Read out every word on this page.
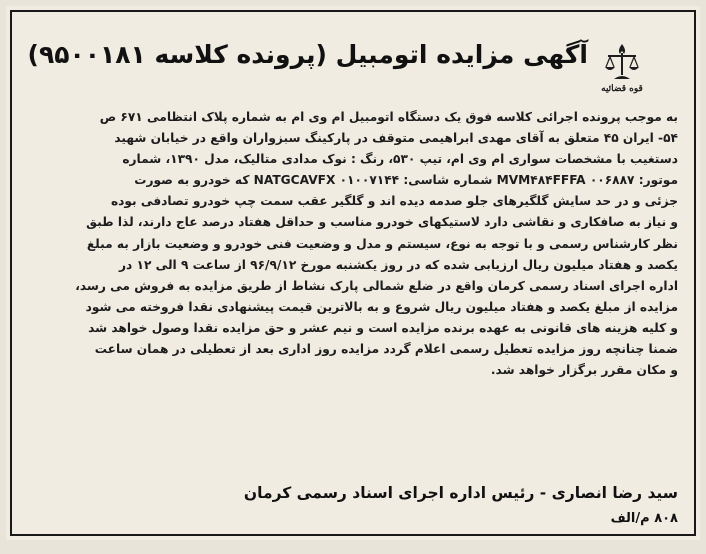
قوه قضائیه
آگهی مزایده اتومبیل (پرونده کلاسه ۹۵۰۰۱۸۱)
به موجب پرونده اجرائی کلاسه فوق یک دستگاه اتومبیل ام وی ام به شماره پلاک انتظامی ۶۷۱ ص
۵۴- ایران ۴۵ متعلق به آقای مهدی ابراهیمی متوقف در پارکینگ سبزواران واقع در خیابان شهید
دستغیب با مشخصات سواری ام وی ام، تیپ ۵۳۰، رنگ : نوک مدادی متالیک، مدل ۱۳۹۰، شماره
موتور: MVM۴۸۴FFFA ۰۰۶۸۸۷ شماره شاسی: NATGCAVFX ۰۱۰۰۷۱۴۴ که خودرو به صورت
جزئی و در حد سایش گلگیرهای جلو صدمه دیده اند و گلگیر عقب سمت چپ خودرو تصادفی بوده
و نیاز به صافکاری و نقاشی دارد لاستیکهای خودرو مناسب و حداقل هفتاد درصد عاج دارند، لذا طبق
نظر کارشناس رسمی و با توجه به نوع، سیستم و مدل و وضعیت فنی خودرو و وضعیت بازار به مبلغ
یکصد و هفتاد میلیون ریال ارزیابی شده که در روز یکشنبه مورخ ۹۶/۹/۱۲ از ساعت ۹ الی ۱۲ در
اداره اجرای اسناد رسمی کرمان واقع در ضلع شمالی پارک نشاط از طریق مزایده به فروش می رسد،
مزایده از مبلغ یکصد و هفتاد میلیون ریال شروع و به بالاترین قیمت پیشنهادی نقدا فروخته می شود
و کلیه هزینه های قانونی به عهده برنده مزایده است و نیم عشر و حق مزایده نقدا وصول خواهد شد
ضمنا چنانچه روز مزایده تعطیل رسمی اعلام گردد مزایده روز اداری بعد از تعطیلی در همان ساعت
و مکان مقرر برگزار خواهد شد.
سید رضا انصاری - رئیس اداره اجرای اسناد رسمی کرمان
۸۰۸ م/الف
